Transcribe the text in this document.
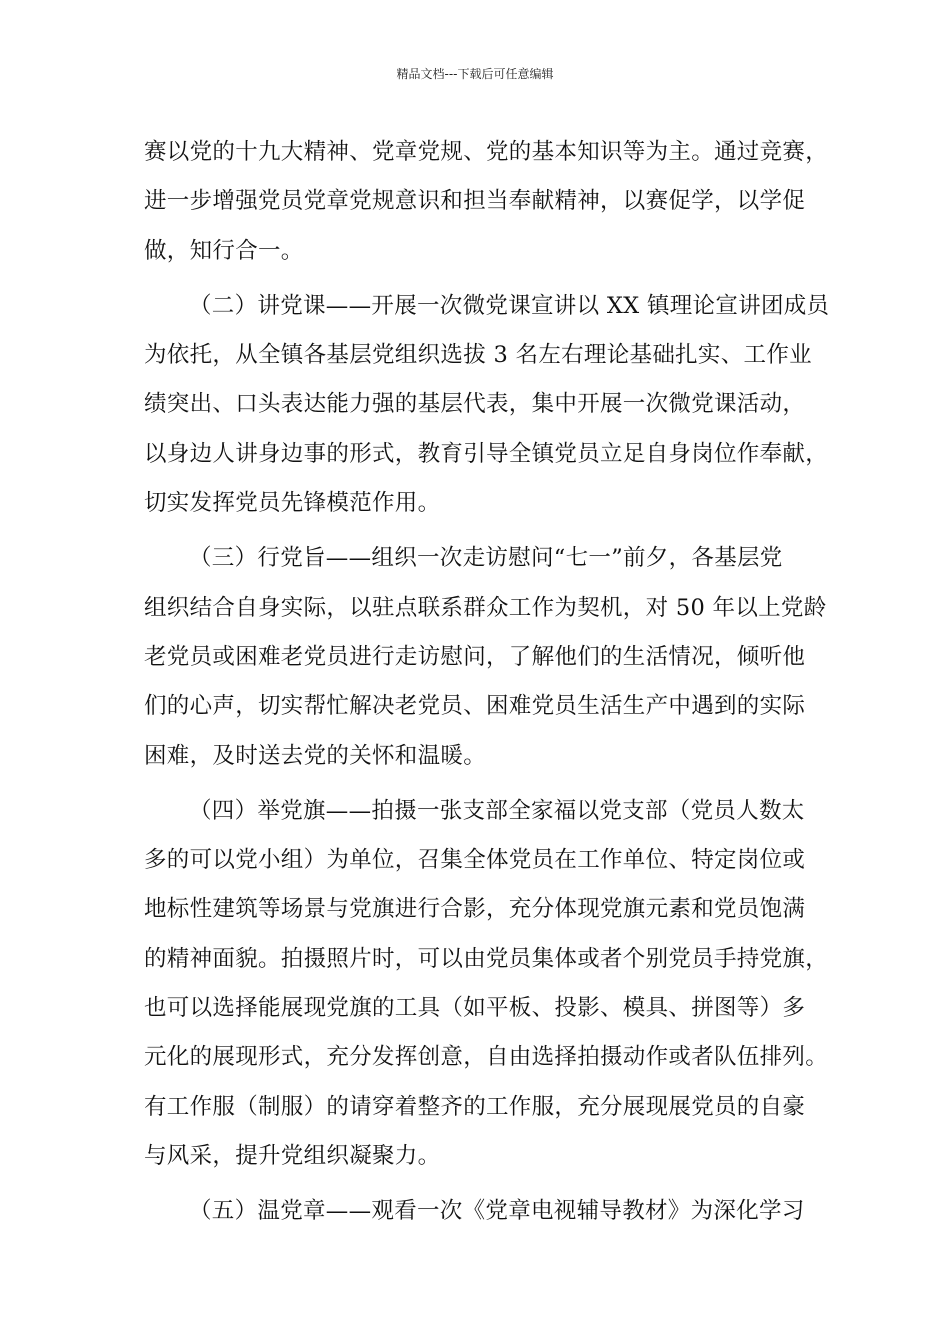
精品文档---下载后可任意编辑
赛以党的十九大精神、党章党规、党的基本知识等为主。通过竞赛，
进一步增强党员党章党规意识和担当奉献精神，以赛促学，以学促
做，知行合一。
（二）讲党课——开展一次微党课宣讲以 XX 镇理论宣讲团成员
为依托，从全镇各基层党组织选拔 3 名左右理论基础扎实、工作业
绩突出、口头表达能力强的基层代表，集中开展一次微党课活动，
以身边人讲身边事的形式，教育引导全镇党员立足自身岗位作奉献，
切实发挥党员先锋模范作用。
（三）行党旨——组织一次走访慰问“七一”前夕，各基层党
组织结合自身实际，以驻点联系群众工作为契机，对 50 年以上党龄
老党员或困难老党员进行走访慰问，了解他们的生活情况，倾听他
们的心声，切实帮忙解决老党员、困难党员生活生产中遇到的实际
困难，及时送去党的关怀和温暖。
（四）举党旗——拍摄一张支部全家福以党支部（党员人数太
多的可以党小组）为单位，召集全体党员在工作单位、特定岗位或
地标性建筑等场景与党旗进行合影，充分体现党旗元素和党员饱满
的精神面貌。拍摄照片时，可以由党员集体或者个别党员手持党旗，
也可以选择能展现党旗的工具（如平板、投影、模具、拼图等）多
元化的展现形式，充分发挥创意，自由选择拍摄动作或者队伍排列。
有工作服（制服）的请穿着整齐的工作服，充分展现展党员的自豪
与风采，提升党组织凝聚力。
（五）温党章——观看一次《党章电视辅导教材》为深化学习
